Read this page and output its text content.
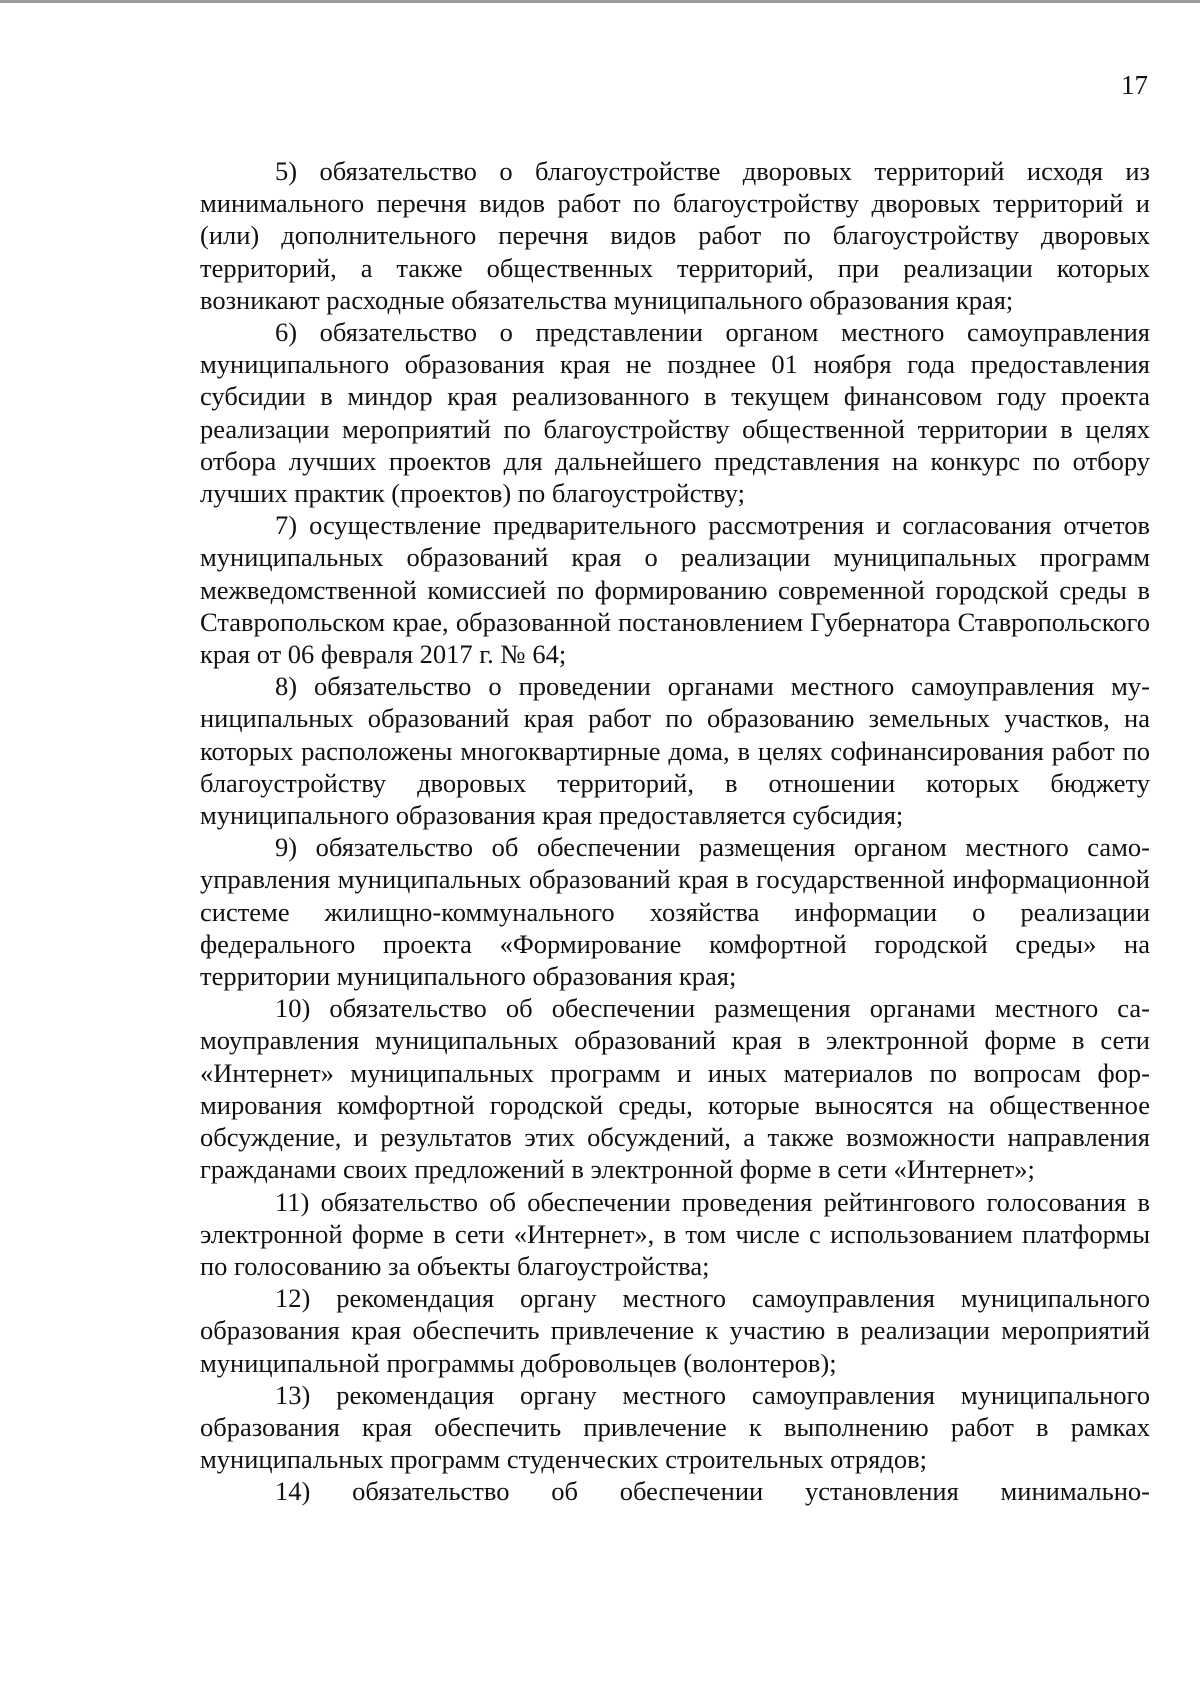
17

5) обязательство о благоустройстве дворовых территорий исходя из минимального перечня видов работ по благоустройству дворовых территорий и (или) дополнительного перечня видов работ по благоустройству дворовых территорий, а также общественных территорий, при реализации которых возникают расходные обязательства муниципального образования края;

6) обязательство о представлении органом местного самоуправления муниципального образования края не позднее 01 ноября года предоставления субсидии в миндор края реализованного в текущем финансовом году проекта реализации мероприятий по благоустройству общественной территории в целях отбора лучших проектов для дальнейшего представления на конкурс по отбору лучших практик (проектов) по благоустройству;

7) осуществление предварительного рассмотрения и согласования отчетов муниципальных образований края о реализации муниципальных программ межведомственной комиссией по формированию современной городской среды в Ставропольском крае, образованной постановлением Губернатора Ставропольского края от 06 февраля 2017 г. № 64;

8) обязательство о проведении органами местного самоуправления муниципальных образований края работ по образованию земельных участков, на которых расположены многоквартирные дома, в целях софинансирования работ по благоустройству дворовых территорий, в отношении которых бюджету муниципального образования края предоставляется субсидия;

9) обязательство об обеспечении размещения органом местного самоуправления муниципальных образований края в государственной информационной системе жилищно-коммунального хозяйства информации о реализации федерального проекта «Формирование комфортной городской среды» на территории муниципального образования края;

10) обязательство об обеспечении размещения органами местного самоуправления муниципальных образований края в электронной форме в сети «Интернет» муниципальных программ и иных материалов по вопросам формирования комфортной городской среды, которые выносятся на общественное обсуждение, и результатов этих обсуждений, а также возможности направления гражданами своих предложений в электронной форме в сети «Интернет»;

11) обязательство об обеспечении проведения рейтингового голосования в электронной форме в сети «Интернет», в том числе с использованием платформы по голосованию за объекты благоустройства;

12) рекомендация органу местного самоуправления муниципального образования края обеспечить привлечение к участию в реализации мероприятий муниципальной программы добровольцев (волонтеров);

13) рекомендация органу местного самоуправления муниципального образования края обеспечить привлечение к выполнению работ в рамках муниципальных программ студенческих строительных отрядов;

14) обязательство об обеспечении установления минимально-
